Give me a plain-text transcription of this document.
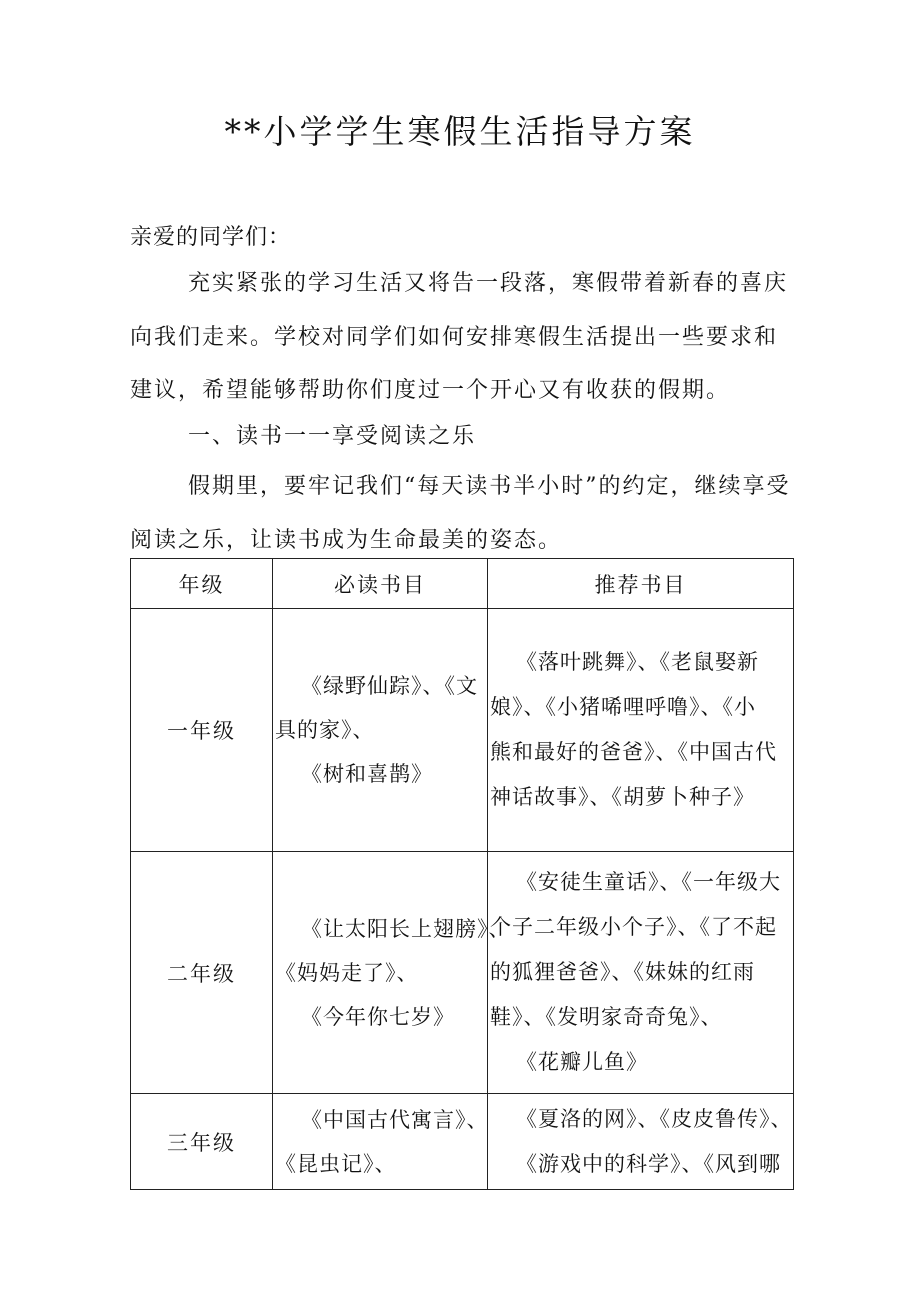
**小学学生寒假生活指导方案
亲爱的同学们：

充实紧张的学习生活又将告一段落，寒假带着新春的喜庆向我们走来。学校对同学们如何安排寒假生活提出一些要求和建议，希望能够帮助你们度过一个开心又有收获的假期。

一、读书一一享受阅读之乐

假期里，要牢记我们“每天读书半小时”的约定，继续享受阅读之乐，让读书成为生命最美的姿态。

年级	必读书目	推荐书目
一年级	《绿野仙踪》、《文
具的家》、
《树和喜鹊》	《落叶跳舞》、《老鼠娶新
娘》、《小猪唏哩呼噜》、《小
熊和最好的爸爸》、《中国古代
神话故事》、《胡萝卜种子》

二年级	《让太阳长上翅膀》、
《妈妈走了》、
《今年你七岁》	《安徒生童话》、《一年级大
个子二年级小个子》、《了不起
的狐狸爸爸》、《妹妹的红雨
鞋》、《发明家奇奇兔》、
《花瓣儿鱼》

三年级	《中国古代寓言》、
《昆虫记》、	《夏洛的网》、《皮皮鲁传》、
《游戏中的科学》、《风到哪
